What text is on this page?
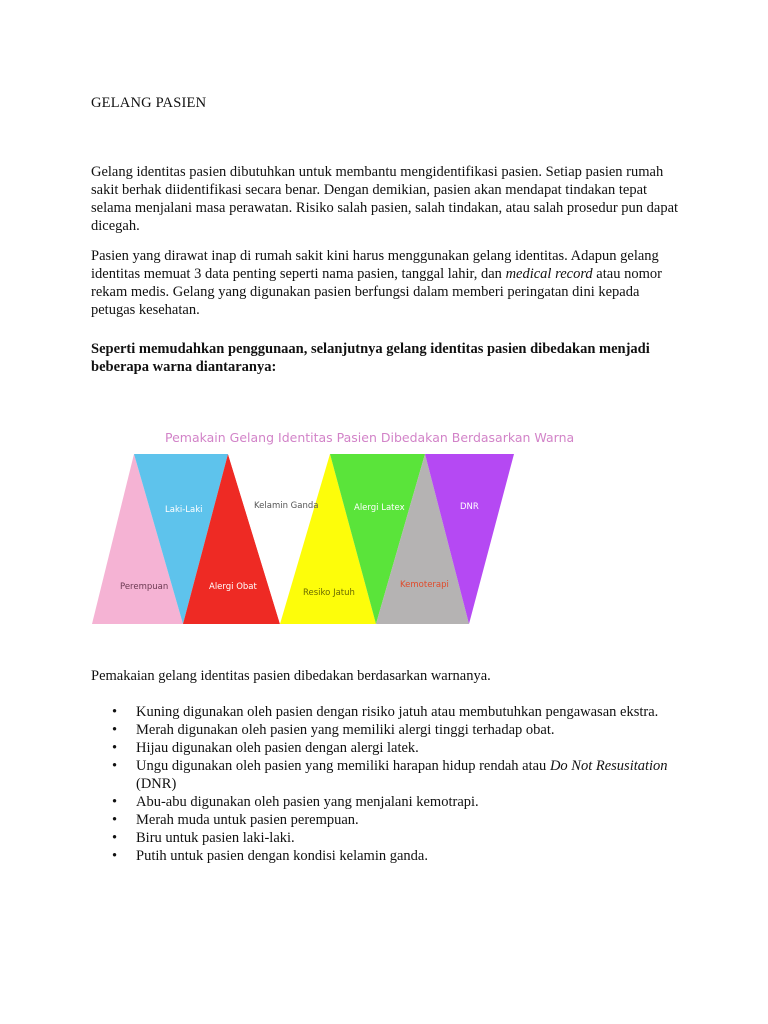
GELANG PASIEN

Gelang identitas pasien dibutuhkan untuk membantu mengidentifikasi pasien. Setiap pasien rumah sakit berhak diidentifikasi secara benar. Dengan demikian, pasien akan mendapat tindakan tepat selama menjalani masa perawatan. Risiko salah pasien, salah tindakan, atau salah prosedur pun dapat dicegah.

Pasien yang dirawat inap di rumah sakit kini harus menggunakan gelang identitas. Adapun gelang identitas memuat 3 data penting seperti nama pasien, tanggal lahir, dan medical record atau nomor rekam medis. Gelang yang digunakan pasien berfungsi dalam memberi peringatan dini kepada petugas kesehatan.

Seperti memudahkan penggunaan, selanjutnya gelang identitas pasien dibedakan menjadi beberapa warna diantaranya:

Pemakaian gelang identitas pasien dibedakan berdasarkan warnanya.
• Kuning digunakan oleh pasien dengan risiko jatuh atau membutuhkan pengawasan ekstra.
• Merah digunakan oleh pasien yang memiliki alergi tinggi terhadap obat.
• Hijau digunakan oleh pasien dengan alergi latek.
• Ungu digunakan oleh pasien yang memiliki harapan hidup rendah atau Do Not Resusitation (DNR)
• Abu-abu digunakan oleh pasien yang menjalani kemotrapi.
• Merah muda untuk pasien perempuan.
• Biru untuk pasien laki-laki.
• Putih untuk pasien dengan kondisi kelamin ganda.
Pemakain Gelang Identitas Pasien Dibedakan Berdasarkan Warna
Perempuan
Laki-Laki
Alergi Obat
Kelamin Ganda
Resiko Jatuh
Alergi Latex
Kemoterapi
DNR
